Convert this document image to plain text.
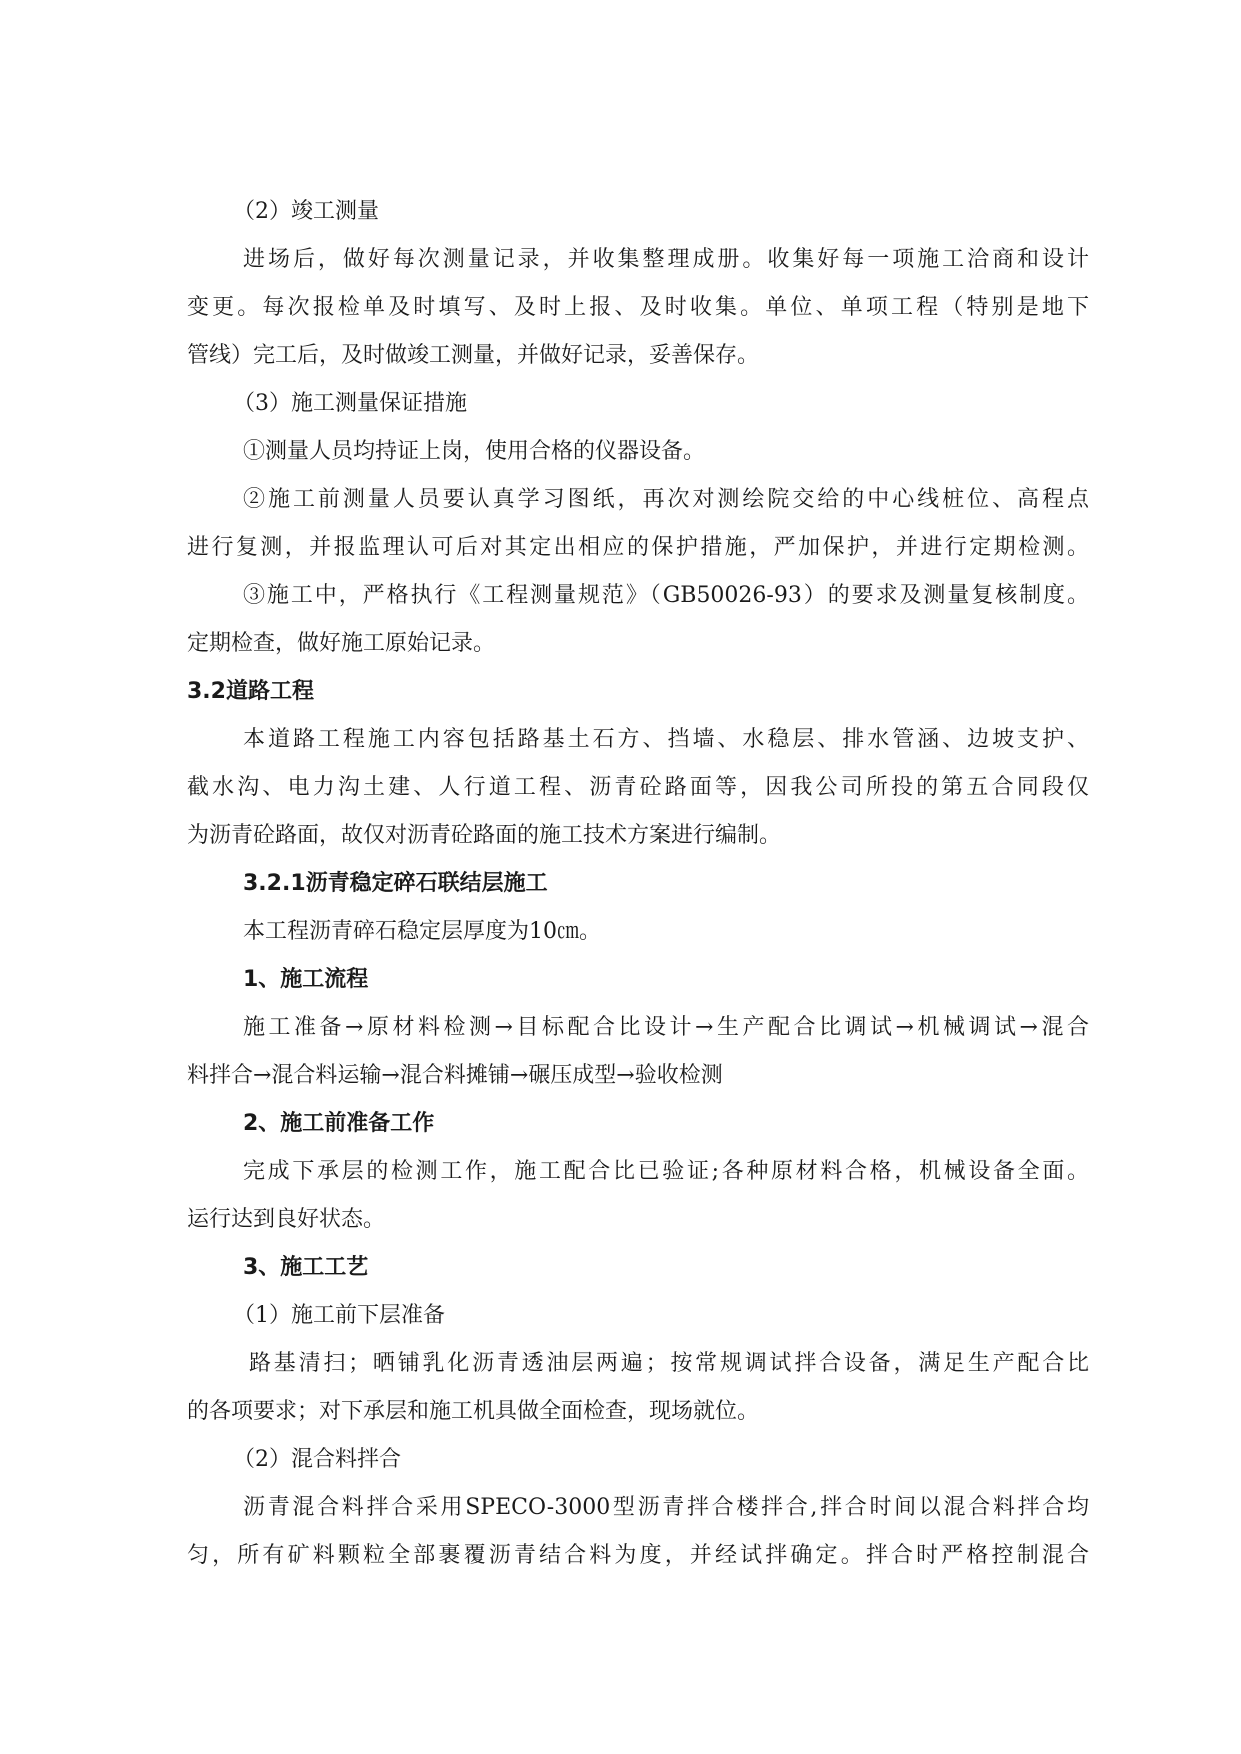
（2）竣工测量

进场后，做好每次测量记录，并收集整理成册。收集好每一项施工洽商和设计

变更。每次报检单及时填写、及时上报、及时收集。单位、单项工程（特别是地下

管线）完工后，及时做竣工测量，并做好记录，妥善保存。

（3）施工测量保证措施

①测量人员均持证上岗，使用合格的仪器设备。

②施工前测量人员要认真学习图纸，再次对测绘院交给的中心线桩位、高程点

进行复测，并报监理认可后对其定出相应的保护措施，严加保护，并进行定期检测。

③施工中，严格执行《工程测量规范》（GB50026-93）的要求及测量复核制度。

定期检查，做好施工原始记录。

3.2道路工程

本道路工程施工内容包括路基土石方、挡墙、水稳层、排水管涵、边坡支护、

截水沟、电力沟土建、人行道工程、沥青砼路面等，因我公司所投的第五合同段仅

为沥青砼路面，故仅对沥青砼路面的施工技术方案进行编制。

3.2.1沥青稳定碎石联结层施工

本工程沥青碎石稳定层厚度为10㎝。

1、施工流程

施工准备→原材料检测→目标配合比设计→生产配合比调试→机械调试→混合

料拌合→混合料运输→混合料摊铺→碾压成型→验收检测

2、施工前准备工作

完成下承层的检测工作，施工配合比已验证;各种原材料合格，机械设备全面。

运行达到良好状态。

3、施工工艺

（1）施工前下层准备

路基清扫；晒铺乳化沥青透油层两遍；按常规调试拌合设备，满足生产配合比

的各项要求；对下承层和施工机具做全面检查，现场就位。

（2）混合料拌合

沥青混合料拌合采用SPECO-3000型沥青拌合楼拌合,拌合时间以混合料拌合均

匀，所有矿料颗粒全部裹覆沥青结合料为度，并经试拌确定。拌合时严格控制混合
